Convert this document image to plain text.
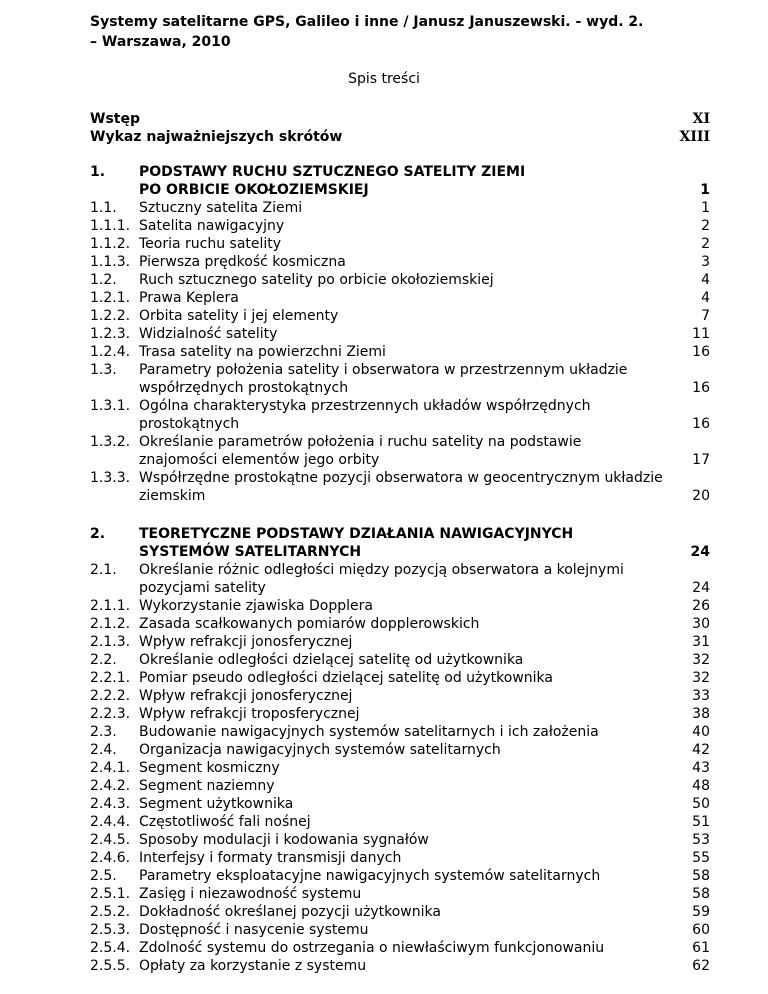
Systemy satelitarne GPS, Galileo i inne / Janusz Januszewski. - wyd. 2.
– Warszawa, 2010
Spis treści
Wstęp	XI
Wykaz najważniejszych skrótów	XIII
1. PODSTAWY RUCHU SZTUCZNEGO SATELITY ZIEMI
PO ORBICIE OKOŁOZIEMSKIEJ	1
1.1. Sztuczny satelita Ziemi	1
1.1.1. Satelita nawigacyjny	2
1.1.2. Teoria ruchu satelity	2
1.1.3. Pierwsza prędkość kosmiczna	3
1.2. Ruch sztucznego satelity po orbicie okołoziemskiej	4
1.2.1. Prawa Keplera	4
1.2.2. Orbita satelity i jej elementy	7
1.2.3. Widzialność satelity	11
1.2.4. Trasa satelity na powierzchni Ziemi	16
1.3. Parametry położenia satelity i obserwatora w przestrzennym układzie współrzędnych prostokątnych	16
1.3.1. Ogólna charakterystyka przestrzennych układów współrzędnych prostokątnych	16
1.3.2. Określanie parametrów położenia i ruchu satelity na podstawie znajomości elementów jego orbity	17
1.3.3. Współrzędne prostokątne pozycji obserwatora w geocentrycznym układzie ziemskim	20
2. TEORETYCZNE PODSTAWY DZIAŁANIA NAWIGACYJNYCH
SYSTEMÓW SATELITARNYCH	24
2.1. Określanie różnic odległości między pozycją obserwatora a kolejnymi pozycjami satelity	24
2.1.1. Wykorzystanie zjawiska Dopplera	26
2.1.2. Zasada scałkowanych pomiarów dopplerowskich	30
2.1.3. Wpływ refrakcji jonosferycznej	31
2.2. Określanie odległości dzielącej satelitę od użytkownika	32
2.2.1. Pomiar pseudo odległości dzielącej satelitę od użytkownika	32
2.2.2. Wpływ refrakcji jonosferycznej	33
2.2.3. Wpływ refrakcji troposferycznej	38
2.3. Budowanie nawigacyjnych systemów satelitarnych i ich założenia	40
2.4. Organizacja nawigacyjnych systemów satelitarnych	42
2.4.1. Segment kosmiczny	43
2.4.2. Segment naziemny	48
2.4.3. Segment użytkownika	50
2.4.4. Częstotliwość fali nośnej	51
2.4.5. Sposoby modulacji i kodowania sygnałów	53
2.4.6. Interfejsy i formaty transmisji danych	55
2.5. Parametry eksploatacyjne nawigacyjnych systemów satelitarnych	58
2.5.1. Zasięg i niezawodność systemu	58
2.5.2. Dokładność określanej pozycji użytkownika	59
2.5.3. Dostępność i nasycenie systemu	60
2.5.4. Zdolność systemu do ostrzegania o niewłaściwym funkcjonowaniu	61
2.5.5. Opłaty za korzystanie z systemu	62
